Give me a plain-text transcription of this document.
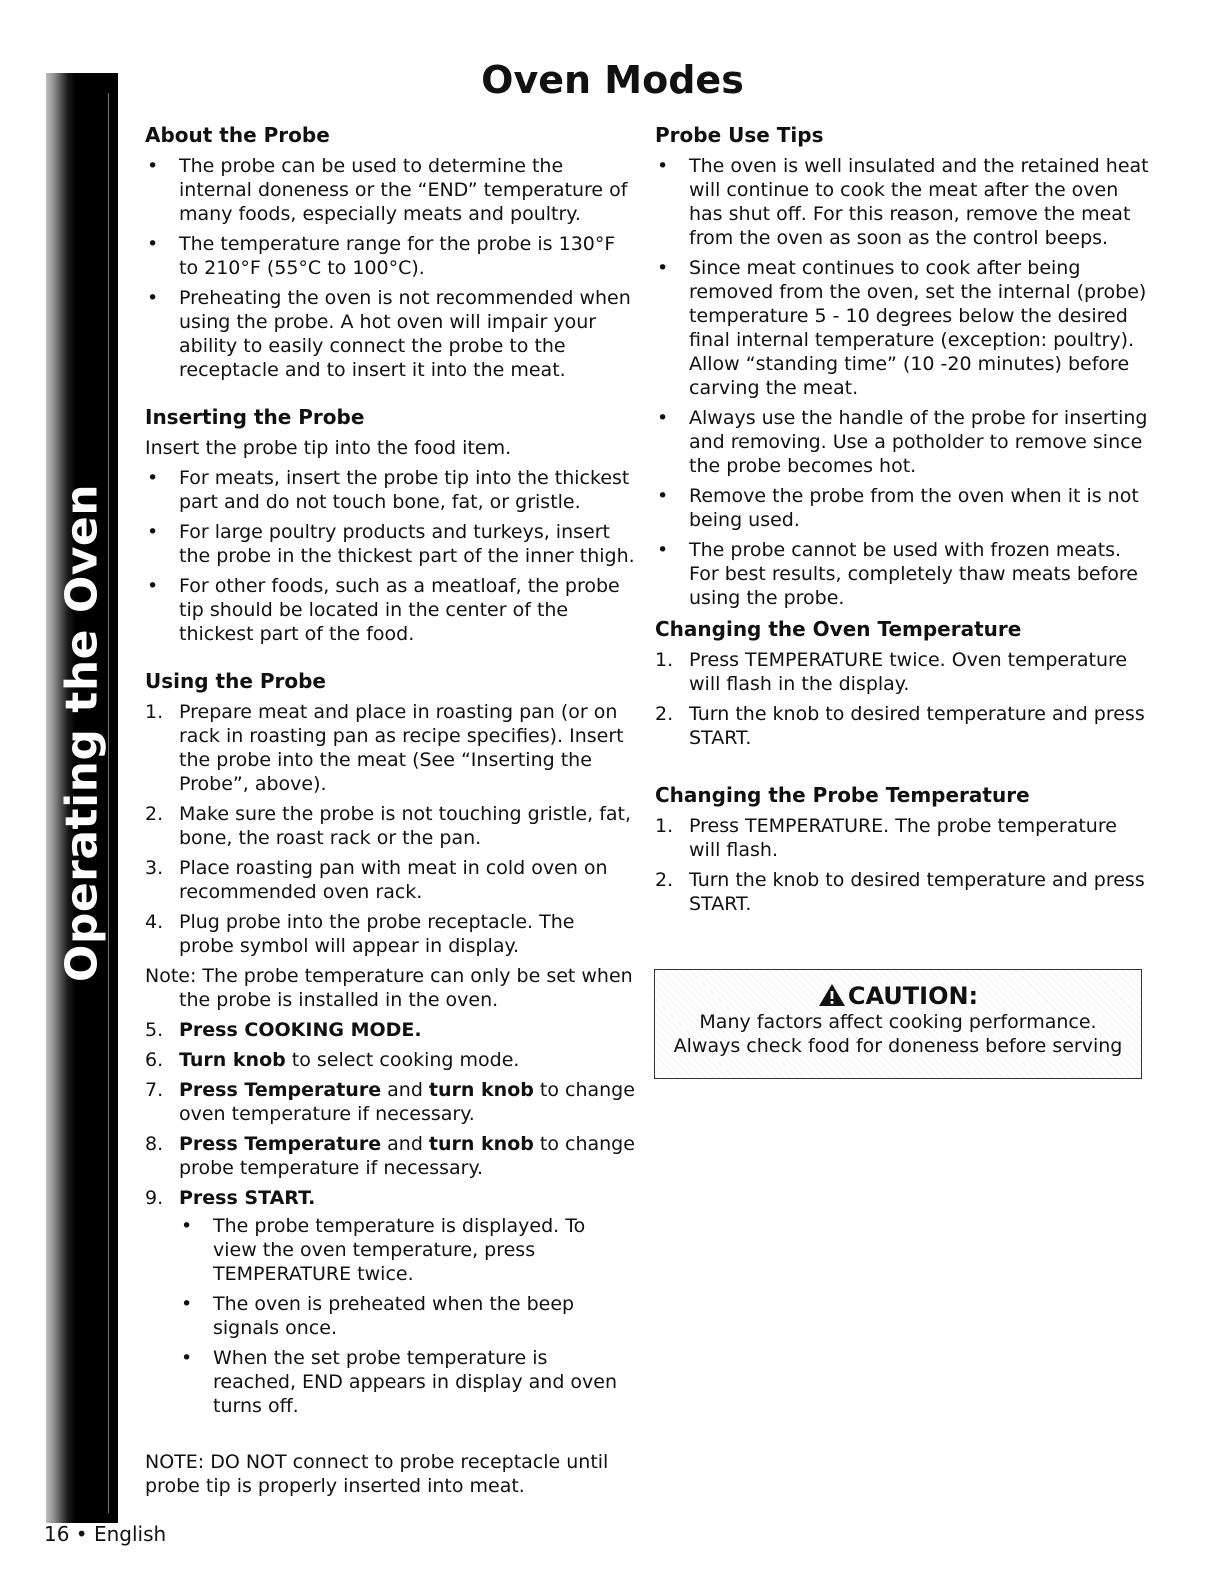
Operating the Oven
Oven Modes
About the Probe
• The probe can be used to determine the internal doneness or the “END” temperature of many foods, especially meats and poultry.
• The temperature range for the probe is 130°F to 210°F (55°C to 100°C).
• Preheating the oven is not recommended when using the probe. A hot oven will impair your ability to easily connect the probe to the receptacle and to insert it into the meat.
Inserting the Probe

Insert the probe tip into the food item.

• For meats, insert the probe tip into the thickest part and do not touch bone, fat, or gristle.
• For large poultry products and turkeys, insert the probe in the thickest part of the inner thigh.
• For other foods, such as a meatloaf, the probe tip should be located in the center of the thickest part of the food.
Using the Probe
1. Prepare meat and place in roasting pan (or on rack in roasting pan as recipe specifies). Insert the probe into the meat (See “Inserting the Probe”, above).
2. Make sure the probe is not touching gristle, fat, bone, the roast rack or the pan.
3. Place roasting pan with meat in cold oven on recommended oven rack.
4. Plug probe into the probe receptacle. The probe symbol will appear in display.
Note: The probe temperature can only be set when the probe is installed in the oven.
5. Press COOKING MODE.
6. Turn knob to select cooking mode.
7. Press Temperature and turn knob to change oven temperature if necessary.
8. Press Temperature and turn knob to change probe temperature if necessary.
9. Press START.
• The probe temperature is displayed. To view the oven temperature, press TEMPERATURE twice.
• The oven is preheated when the beep signals once.
• When the set probe temperature is reached, END appears in display and oven turns off.

NOTE: DO NOT connect to probe receptacle until probe tip is properly inserted into meat.

Probe Use Tips
• The oven is well insulated and the retained heat will continue to cook the meat after the oven has shut off. For this reason, remove the meat from the oven as soon as the control beeps.
• Since meat continues to cook after being removed from the oven, set the internal (probe) temperature 5 - 10 degrees below the desired final internal temperature (exception: poultry). Allow “standing time” (10 -20 minutes) before carving the meat.
• Always use the handle of the probe for inserting and removing. Use a potholder to remove since the probe becomes hot.
• Remove the probe from the oven when it is not being used.
• The probe cannot be used with frozen meats. For best results, completely thaw meats before using the probe.
Changing the Oven Temperature
1. Press TEMPERATURE twice. Oven temperature will flash in the display.
2. Turn the knob to desired temperature and press START.
Changing the Probe Temperature
1. Press TEMPERATURE. The probe temperature will flash.
2. Turn the knob to desired temperature and press START.
CAUTION:
Many factors affect cooking performance.
Always check food for doneness before serving
16 • English
